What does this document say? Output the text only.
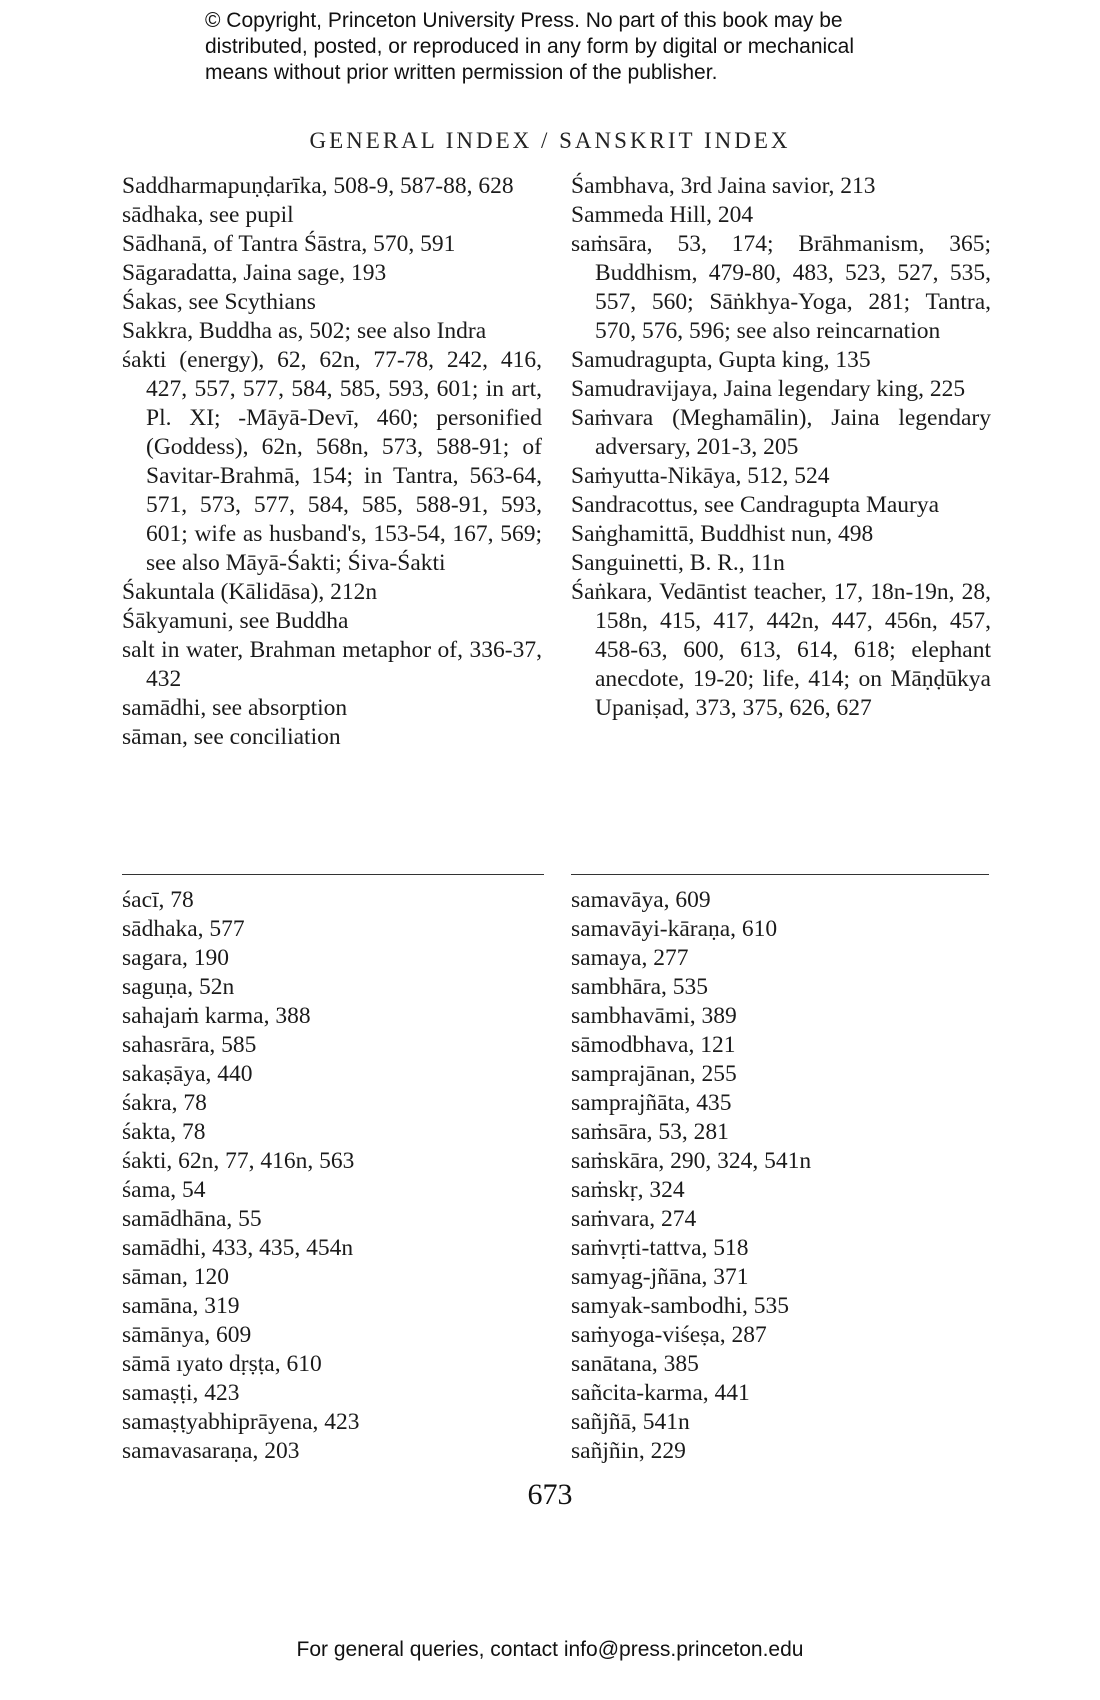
© Copyright, Princeton University Press. No part of this book may be
distributed, posted, or reproduced in any form by digital or mechanical
means without prior written permission of the publisher.
GENERAL INDEX / SANSKRIT INDEX
Saddharmapuṇḍarīka, 508-9, 587-88, 628
sādhaka, see pupil
Sādhanā, of Tantra Śāstra, 570, 591
Sāgaradatta, Jaina sage, 193
Śakas, see Scythians
Sakkra, Buddha as, 502; see also Indra
śakti (energy), 62, 62n, 77-78, 242, 416, 427, 557, 577, 584, 585, 593, 601; in art, Pl. XI; -Māyā-Devī, 460; personified (Goddess), 62n, 568n, 573, 588-91; of Savitar-Brahmā, 154; in Tantra, 563-64, 571, 573, 577, 584, 585, 588-91, 593, 601; wife as husband's, 153-54, 167, 569; see also Māyā-Śakti; Śiva-Śakti
Śakuntala (Kālidāsa), 212n
Śākyamuni, see Buddha
salt in water, Brahman metaphor of, 336-37, 432
samādhi, see absorption
sāman, see conciliation
Śambhava, 3rd Jaina savior, 213
Sammeda Hill, 204
saṁsāra, 53, 174; Brāhmanism, 365; Buddhism, 479-80, 483, 523, 527, 535, 557, 560; Sāṅkhya-Yoga, 281; Tantra, 570, 576, 596; see also reincarnation
Samudragupta, Gupta king, 135
Samudravijaya, Jaina legendary king, 225
Saṁvara (Meghamālin), Jaina legendary adversary, 201-3, 205
Saṁyutta-Nikāya, 512, 524
Sandracottus, see Candragupta Maurya
Saṅghamittā, Buddhist nun, 498
Sanguinetti, B. R., 11n
Śaṅkara, Vedāntist teacher, 17, 18n-19n, 28, 158n, 415, 417, 442n, 447, 456n, 457, 458-63, 600, 613, 614, 618; elephant anecdote, 19-20; life, 414; on Māṇḍūkya Upaniṣad, 373, 375, 626, 627
śacī, 78
sādhaka, 577
sagara, 190
saguṇa, 52n
sahajaṁ karma, 388
sahasrāra, 585
sakaṣāya, 440
śakra, 78
śakta, 78
śakti, 62n, 77, 416n, 563
śama, 54
samādhāna, 55
samādhi, 433, 435, 454n
sāman, 120
samāna, 319
sāmānya, 609
sāmā ıyato dṛṣṭa, 610
samaṣṭi, 423
samaṣṭyabhiprāyena, 423
samavasaraṇa, 203
samavāya, 609
samavāyi-kāraṇa, 610
samaya, 277
sambhāra, 535
sambhavāmi, 389
sāmodbhava, 121
samprajānan, 255
samprajñāta, 435
saṁsāra, 53, 281
saṁskāra, 290, 324, 541n
saṁskṛ, 324
saṁvara, 274
saṁvṛti-tattva, 518
samyag-jñāna, 371
samyak-sambodhi, 535
saṁyoga-viśeṣa, 287
sanātana, 385
sañcita-karma, 441
sañjñā, 541n
sañjñin, 229
673
For general queries, contact info@press.princeton.edu
